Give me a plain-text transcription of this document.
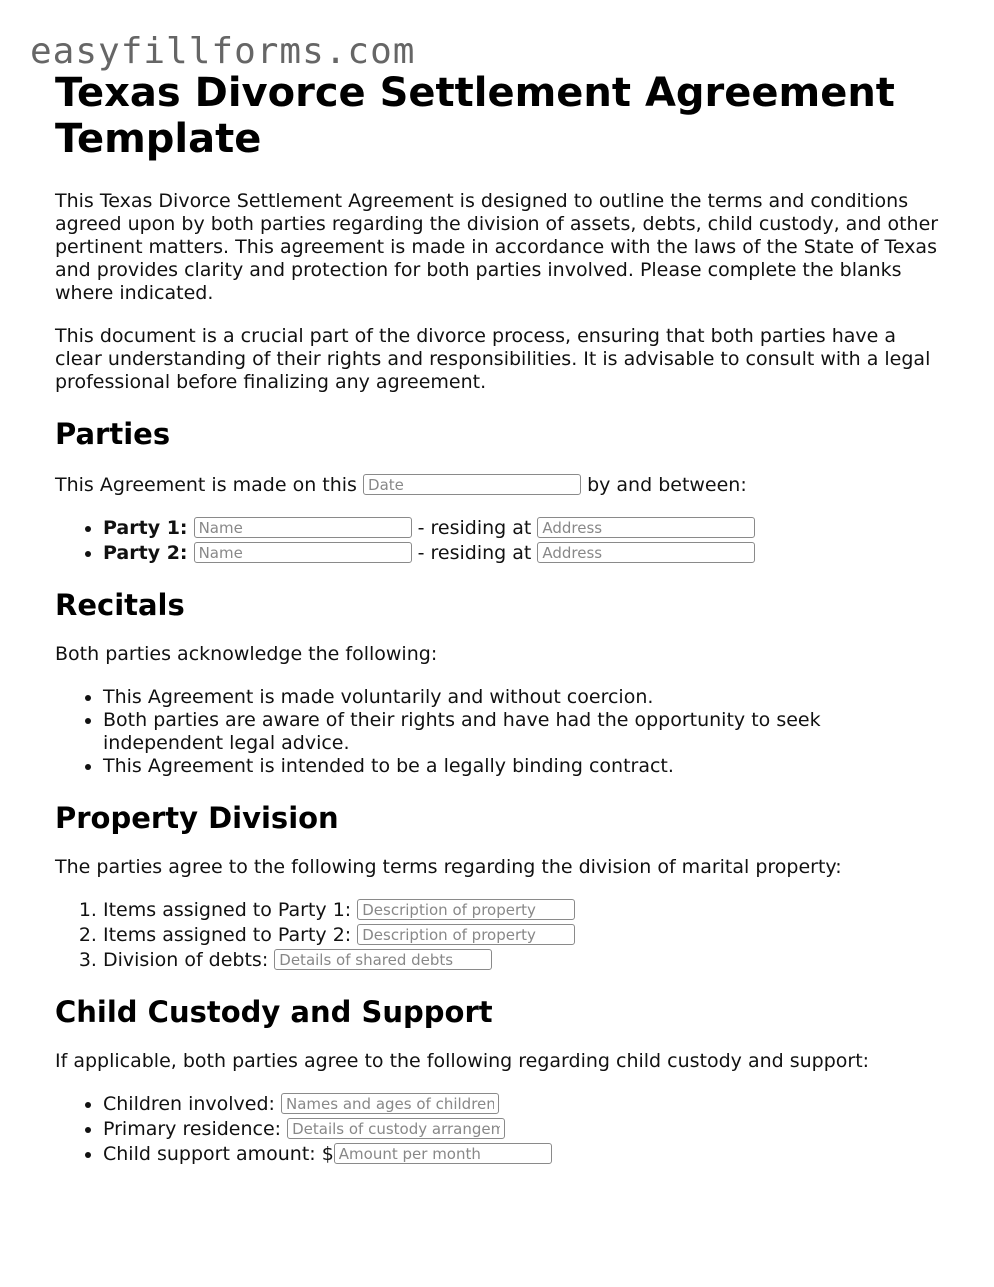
easyfillforms.com
Texas Divorce Settlement Agreement Template

This Texas Divorce Settlement Agreement is designed to outline the terms and conditions agreed upon by both parties regarding the division of assets, debts, child custody, and other pertinent matters. This agreement is made in accordance with the laws of the State of Texas and provides clarity and protection for both parties involved. Please complete the blanks where indicated.

This document is a crucial part of the divorce process, ensuring that both parties have a clear understanding of their rights and responsibilities. It is advisable to consult with a legal professional before finalizing any agreement.

Parties

This Agreement is made on this Date	by and between:

• Party 1: Name	- residing at Address
• Party 2: Name	- residing at Address
Recitals

Both parties acknowledge the following:

• This Agreement is made voluntarily and without coercion.
• Both parties are aware of their rights and have had the opportunity to seek independent legal advice.
• This Agreement is intended to be a legally binding contract.
Property Division

The parties agree to the following terms regarding the division of marital property:

1. Items assigned to Party 1: Description of property
2. Items assigned to Party 2: Description of property
3. Division of debts: Details of shared debts
Child Custody and Support

If applicable, both parties agree to the following regarding child custody and support:

• Children involved: Names and ages of children
• Primary residence: Details of custody arrangement
• Child support amount: $Amount per month
